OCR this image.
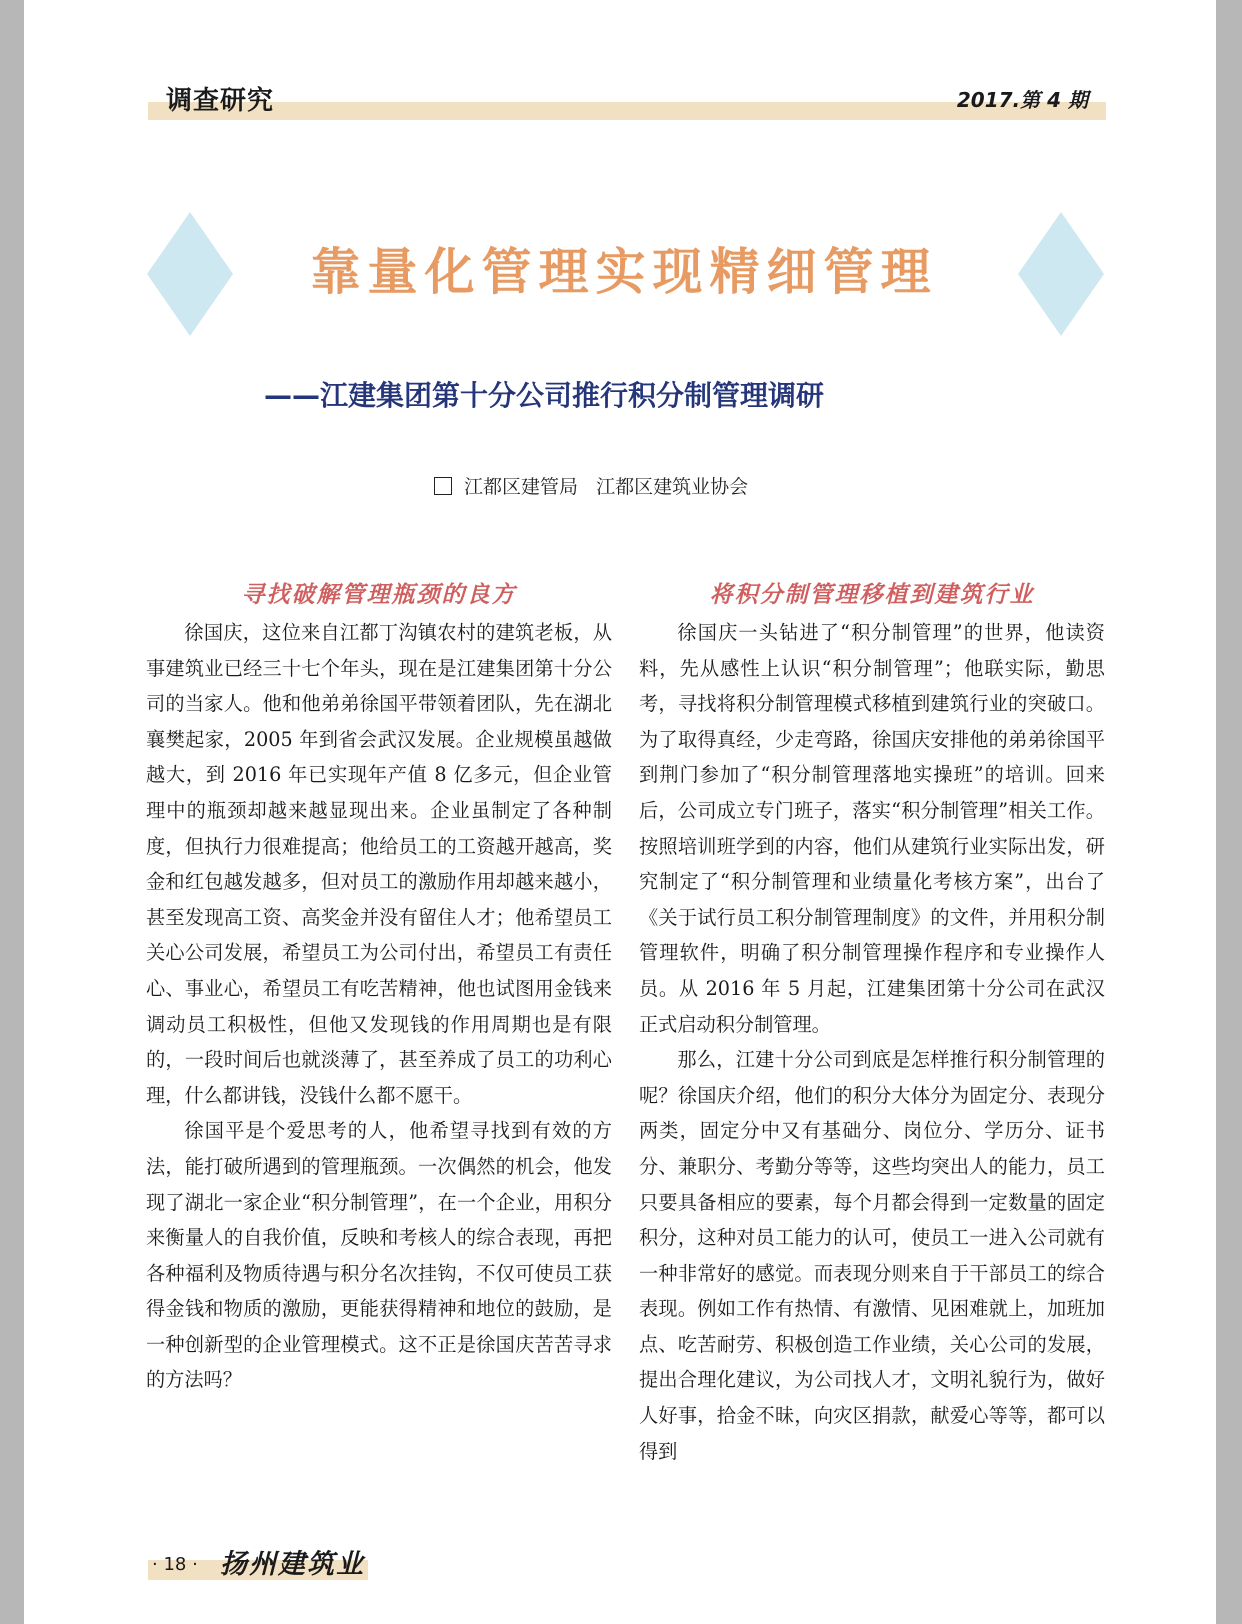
调查研究	2017.第 4 期
靠量化管理实现精细管理
——江建集团第十分公司推行积分制管理调研
江都区建管局   江都区建筑业协会
寻找破解管理瓶颈的良方

徐国庆，这位来自江都丁沟镇农村的建筑老板，从事建筑业已经三十七个年头，现在是江建集团第十分公司的当家人。他和他弟弟徐国平带领着团队，先在湖北襄樊起家，2005 年到省会武汉发展。企业规模虽越做越大，到 2016 年已实现年产值 8 亿多元，但企业管理中的瓶颈却越来越显现出来。企业虽制定了各种制度，但执行力很难提高；他给员工的工资越开越高，奖金和红包越发越多，但对员工的激励作用却越来越小，甚至发现高工资、高奖金并没有留住人才；他希望员工关心公司发展，希望员工为公司付出，希望员工有责任心、事业心，希望员工有吃苦精神，他也试图用金钱来调动员工积极性，但他又发现钱的作用周期也是有限的，一段时间后也就淡薄了，甚至养成了员工的功利心理，什么都讲钱，没钱什么都不愿干。

徐国平是个爱思考的人，他希望寻找到有效的方法，能打破所遇到的管理瓶颈。一次偶然的机会，他发现了湖北一家企业“积分制管理”，在一个企业，用积分来衡量人的自我价值，反映和考核人的综合表现，再把各种福利及物质待遇与积分名次挂钩，不仅可使员工获得金钱和物质的激励，更能获得精神和地位的鼓励，是一种创新型的企业管理模式。这不正是徐国庆苦苦寻求的方法吗？

将积分制管理移植到建筑行业

徐国庆一头钻进了“积分制管理”的世界，他读资料，先从感性上认识“积分制管理”；他联实际，勤思考，寻找将积分制管理模式移植到建筑行业的突破口。为了取得真经，少走弯路，徐国庆安排他的弟弟徐国平到荆门参加了“积分制管理落地实操班”的培训。回来后，公司成立专门班子，落实“积分制管理”相关工作。按照培训班学到的内容，他们从建筑行业实际出发，研究制定了“积分制管理和业绩量化考核方案”，出台了《关于试行员工积分制管理制度》的文件，并用积分制管理软件，明确了积分制管理操作程序和专业操作人员。从 2016 年 5 月起，江建集团第十分公司在武汉正式启动积分制管理。

那么，江建十分公司到底是怎样推行积分制管理的呢？徐国庆介绍，他们的积分大体分为固定分、表现分两类，固定分中又有基础分、岗位分、学历分、证书分、兼职分、考勤分等等，这些均突出人的能力，员工只要具备相应的要素，每个月都会得到一定数量的固定积分，这种对员工能力的认可，使员工一进入公司就有一种非常好的感觉。而表现分则来自于干部员工的综合表现。例如工作有热情、有激情、见困难就上，加班加点、吃苦耐劳、积极创造工作业绩，关心公司的发展，提出合理化建议，为公司找人才，文明礼貌行为，做好人好事，拾金不昧，向灾区捐款，献爱心等等，都可以得到

· 18 · 扬州建筑业
